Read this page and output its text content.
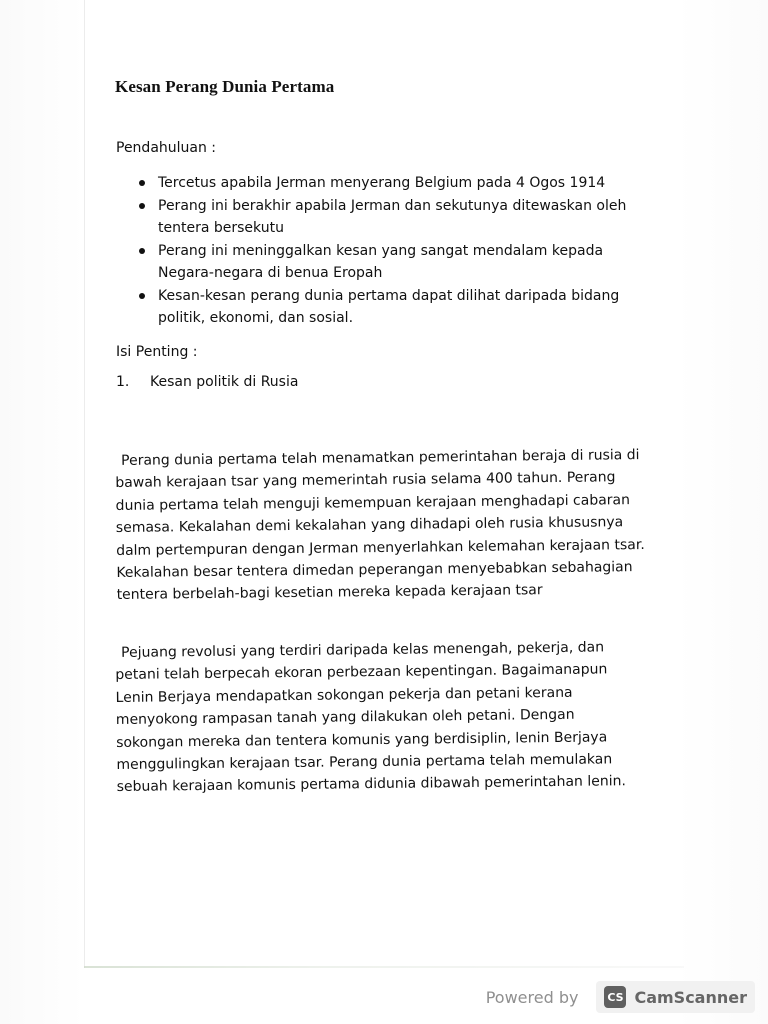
Kesan Perang Dunia Pertama
Pendahuluan :
Tercetus apabila Jerman menyerang Belgium pada 4 Ogos 1914
Perang ini berakhir apabila Jerman dan sekutunya ditewaskan oleh tentera bersekutu
Perang ini meninggalkan kesan yang sangat mendalam kepada Negara-negara di benua Eropah
Kesan-kesan perang dunia pertama dapat dilihat daripada bidang politik, ekonomi, dan sosial.
Isi Penting :
1. Kesan politik di Rusia

Perang dunia pertama telah menamatkan pemerintahan beraja di rusia di bawah kerajaan tsar yang memerintah rusia selama 400 tahun. Perang dunia pertama telah menguji kemempuan kerajaan menghadapi cabaran semasa. Kekalahan demi kekalahan yang dihadapi oleh rusia khususnya dalm pertempuran dengan Jerman menyerlahkan kelemahan kerajaan tsar. Kekalahan besar tentera dimedan peperangan menyebabkan sebahagian tentera berbelah-bagi kesetian mereka kepada kerajaan tsar

Pejuang revolusi yang terdiri daripada kelas menengah, pekerja, dan petani telah berpecah ekoran perbezaan kepentingan. Bagaimanapun Lenin Berjaya mendapatkan sokongan pekerja dan petani kerana menyokong rampasan tanah yang dilakukan oleh petani. Dengan sokongan mereka dan tentera komunis yang berdisiplin, lenin Berjaya menggulingkan kerajaan tsar. Perang dunia pertama telah memulakan sebuah kerajaan komunis pertama didunia dibawah pemerintahan lenin.

Powered by	CS CamScanner
